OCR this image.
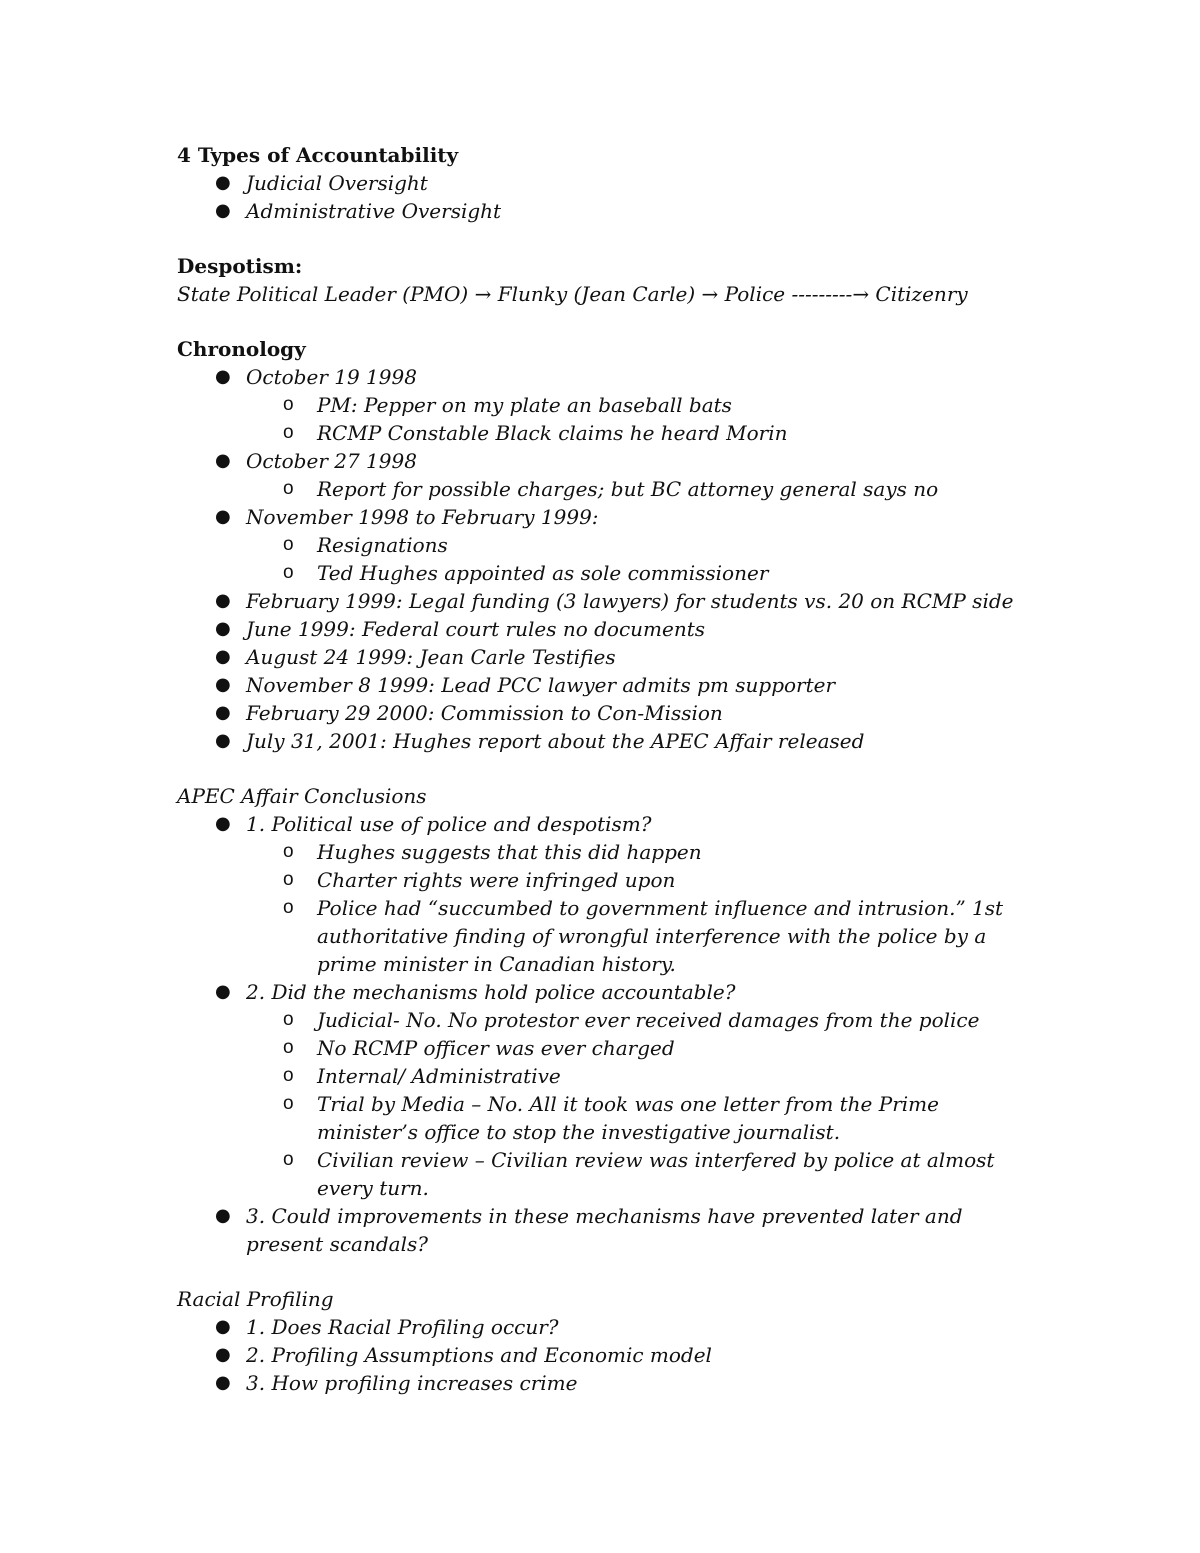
4 Types of Accountability
● Judicial Oversight
● Administrative Oversight
Despotism:
State Political Leader (PMO) → Flunky (Jean Carle) → Police ---------→ Citizenry
Chronology
● October 19 1998
o PM: Pepper on my plate an baseball bats
o RCMP Constable Black claims he heard Morin
● October 27 1998
o Report for possible charges; but BC attorney general says no
● November 1998 to February 1999:
o Resignations
o Ted Hughes appointed as sole commissioner
● February 1999: Legal funding (3 lawyers) for students vs. 20 on RCMP side
● June 1999: Federal court rules no documents
● August 24 1999: Jean Carle Testifies
● November 8 1999: Lead PCC lawyer admits pm supporter
● February 29 2000: Commission to Con-Mission
● July 31, 2001: Hughes report about the APEC Affair released
APEC Affair Conclusions
● 1. Political use of police and despotism?
o Hughes suggests that this did happen
o Charter rights were infringed upon
o Police had “succumbed to government influence and intrusion.” 1st authoritative finding of wrongful interference with the police by a prime minister in Canadian history.
● 2. Did the mechanisms hold police accountable?
o Judicial- No. No protestor ever received damages from the police
o No RCMP officer was ever charged
o Internal/ Administrative
o Trial by Media – No. All it took was one letter from the Prime minister’s office to stop the investigative journalist.
o Civilian review – Civilian review was interfered by police at almost every turn.
● 3. Could improvements in these mechanisms have prevented later and present scandals?
Racial Profiling
● 1. Does Racial Profiling occur?
● 2. Profiling Assumptions and Economic model
● 3. How profiling increases crime
